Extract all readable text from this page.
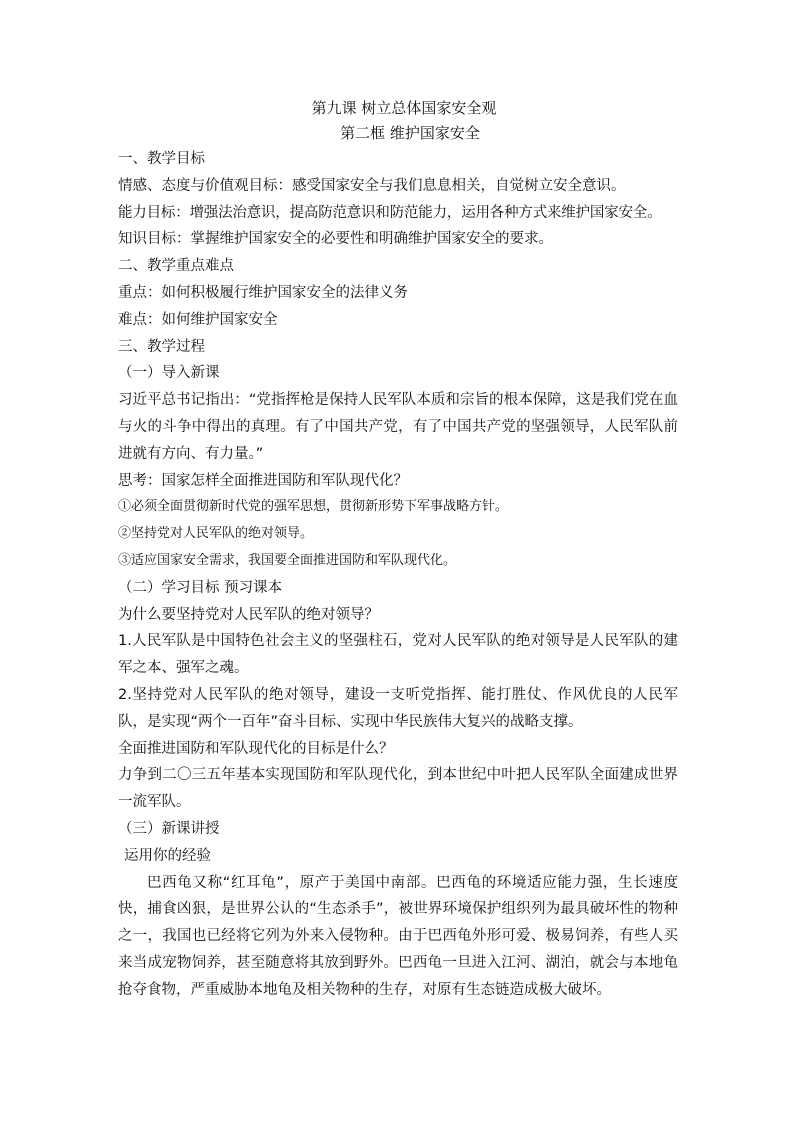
第九课 树立总体国家安全观
第二框 维护国家安全
一、教学目标
情感、态度与价值观目标：感受国家安全与我们息息相关，自觉树立安全意识。
能力目标：增强法治意识，提高防范意识和防范能力，运用各种方式来维护国家安全。
知识目标：掌握维护国家安全的必要性和明确维护国家安全的要求。
二、教学重点难点
重点：如何积极履行维护国家安全的法律义务
难点：如何维护国家安全
三、教学过程
（一）导入新课
习近平总书记指出：“党指挥枪是保持人民军队本质和宗旨的根本保障，这是我们党在血与火的斗争中得出的真理。有了中国共产党，有了中国共产党的坚强领导，人民军队前进就有方向、有力量。”
思考：国家怎样全面推进国防和军队现代化？
①必须全面贯彻新时代党的强军思想，贯彻新形势下军事战略方针。
②坚持党对人民军队的绝对领导。
③适应国家安全需求，我国要全面推进国防和军队现代化。
（二）学习目标 预习课本
为什么要坚持党对人民军队的绝对领导？
1.人民军队是中国特色社会主义的坚强柱石，党对人民军队的绝对领导是人民军队的建军之本、强军之魂。
2.坚持党对人民军队的绝对领导，建设一支听党指挥、能打胜仗、作风优良的人民军队，是实现“两个一百年”奋斗目标、实现中华民族伟大复兴的战略支撑。
全面推进国防和军队现代化的目标是什么？
力争到二〇三五年基本实现国防和军队现代化，到本世纪中叶把人民军队全面建成世界一流军队。
（三）新课讲授
运用你的经验
巴西龟又称“红耳龟”，原产于美国中南部。巴西龟的环境适应能力强，生长速度快，捕食凶狠，是世界公认的“生态杀手”，被世界环境保护组织列为最具破坏性的物种之一，我国也已经将它列为外来入侵物种。由于巴西龟外形可爱、极易饲养，有些人买来当成宠物饲养，甚至随意将其放到野外。巴西龟一旦进入江河、湖泊，就会与本地龟抢夺食物，严重威胁本地龟及相关物种的生存，对原有生态链造成极大破坏。
